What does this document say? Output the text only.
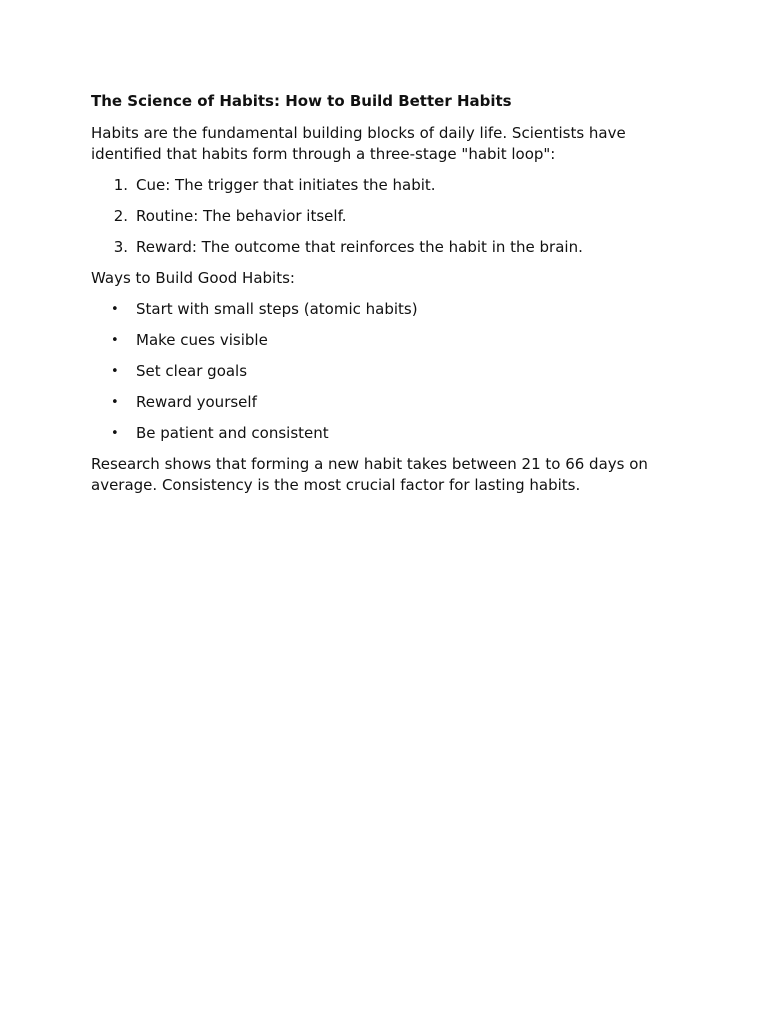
The Science of Habits: How to Build Better Habits

Habits are the fundamental building blocks of daily life. Scientists have identified that habits form through a three-stage "habit loop":

1. Cue: The trigger that initiates the habit.
2. Routine: The behavior itself.
3. Reward: The outcome that reinforces the habit in the brain.

Ways to Build Good Habits:

• Start with small steps (atomic habits)
• Make cues visible
• Set clear goals
• Reward yourself
• Be patient and consistent

Research shows that forming a new habit takes between 21 to 66 days on average. Consistency is the most crucial factor for lasting habits.
